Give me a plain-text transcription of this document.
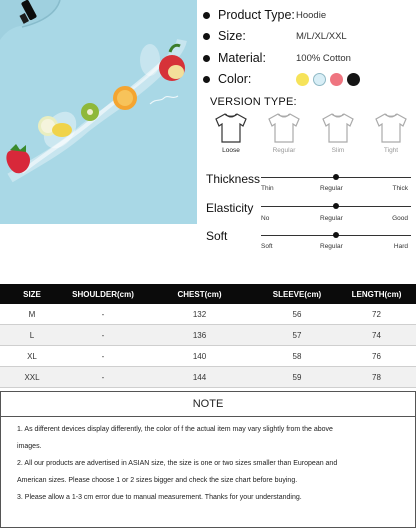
Product Type: Hoodie
Size:	M/L/XL/XXL
Material:	100% Cotton
Color:
VERSION TYPE:
Loose	Regular	Slim	Tight
Thickness
Thin	Regular	Thick
Elasticity
No	Regular	Good
Soft
Soft	Regular	Hard
SIZE	SHOULDER(cm)	CHEST(cm)	SLEEVE(cm)	LENGTH(cm)
M	-	132	56	72
L	-	136	57	74
XL	-	140	58	76
XXL	-	144	59	78
NOTE
1. As different devices display differently, the color of f the actual item may vary slightly from the above
images.
2. All our products are advertised in ASIAN size, the size is one or two sizes smaller than European and
American sizes. Please choose 1 or 2 sizes bigger and check the size chart before buying.
3. Please allow a 1-3 cm error due to manual measurement. Thanks for your understanding.
